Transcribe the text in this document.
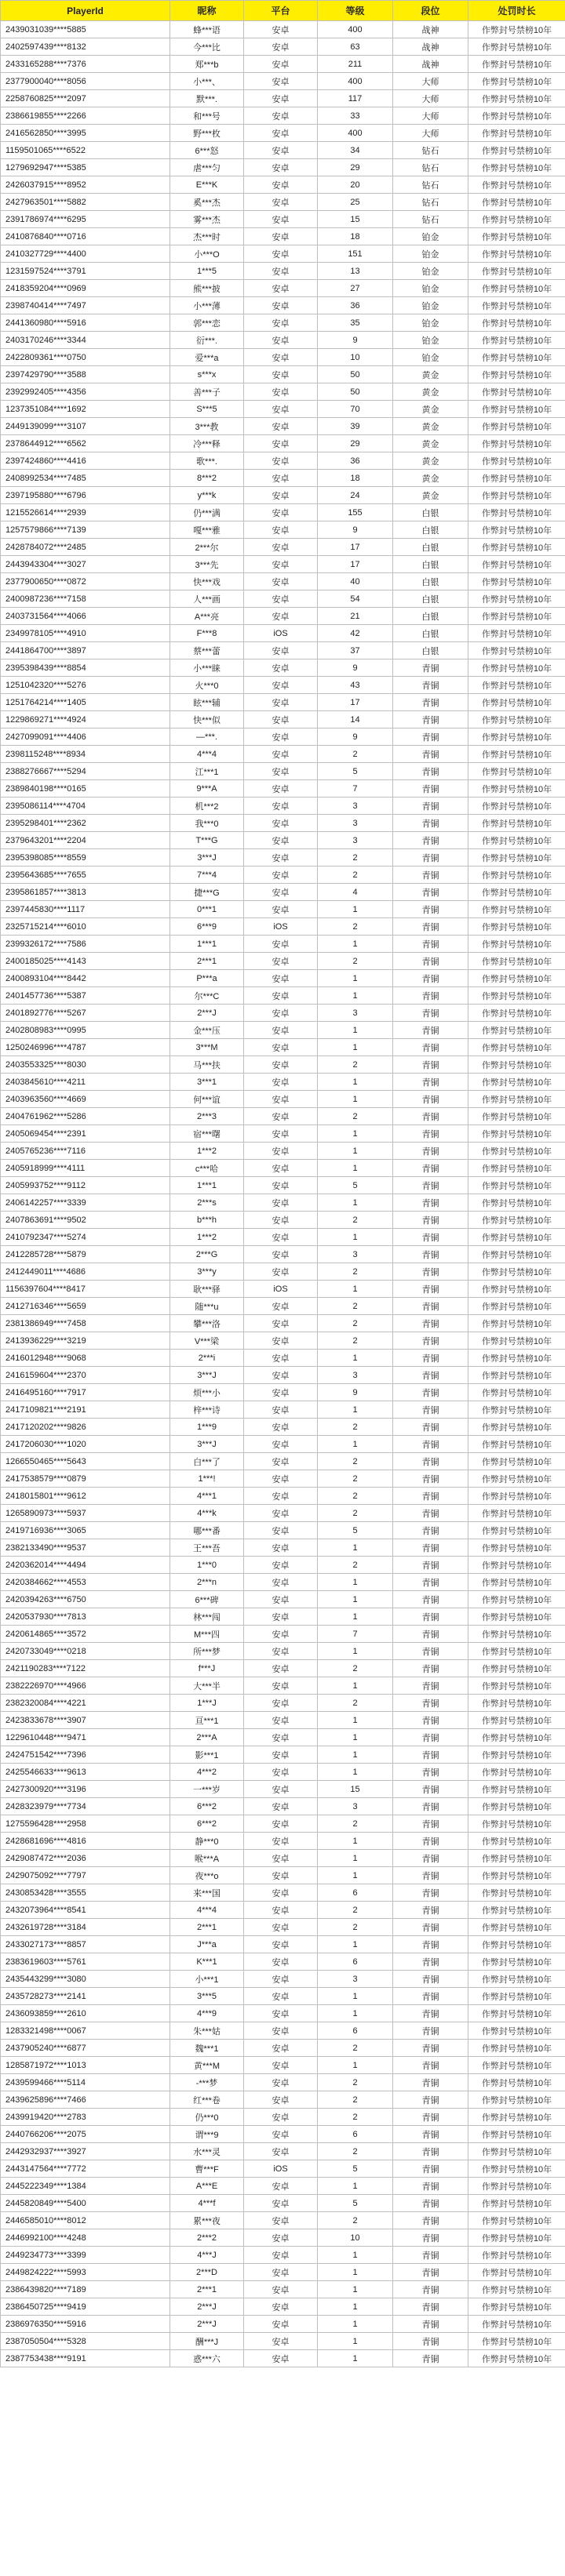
PlayerId	昵称	平台	等级	段位	处罚时长
2439031039****5885	蜂***语	安卓	400	战神	作弊封号禁榜10年
2402597439****8132	今***比	安卓	63	战神	作弊封号禁榜10年
2433165288****7376	郑***b	安卓	211	战神	作弊封号禁榜10年
2377900040****8056	小***、	安卓	400	大师	作弊封号禁榜10年
2258760825****2097	默***.	安卓	117	大师	作弊封号禁榜10年
2386619855****2266	和***号	安卓	33	大师	作弊封号禁榜10年
2416562850****3995	野***枚	安卓	400	大师	作弊封号禁榜10年
1159501065****6522	6***怒	安卓	34	钻石	作弊封号禁榜10年
1279692947****5385	虐***匀	安卓	29	钻石	作弊封号禁榜10年
2426037915****8952	E***K	安卓	20	钻石	作弊封号禁榜10年
2427963501****5882	奚***杰	安卓	25	钻石	作弊封号禁榜10年
2391786974****6295	雾***杰	安卓	15	钻石	作弊封号禁榜10年
2410876840****0716	杰***时	安卓	18	铂金	作弊封号禁榜10年
2410327729****4400	小***O	安卓	151	铂金	作弊封号禁榜10年
1231597524****3791	1***5	安卓	13	铂金	作弊封号禁榜10年
2418359204****0969	熊***披	安卓	27	铂金	作弊封号禁榜10年
2398740414****7497	小***薄	安卓	36	铂金	作弊封号禁榜10年
2441360980****5916	郭***恋	安卓	35	铂金	作弊封号禁榜10年
2403170246****3344	衍***.	安卓	9	铂金	作弊封号禁榜10年
2422809361****0750	爱***a	安卓	10	铂金	作弊封号禁榜10年
2397429790****3588	s***x	安卓	50	黄金	作弊封号禁榜10年
2392992405****4356	善***子	安卓	50	黄金	作弊封号禁榜10年
1237351084****1692	S***5	安卓	70	黄金	作弊封号禁榜10年
2449139099****3107	3***教	安卓	39	黄金	作弊封号禁榜10年
2378644912****6562	冷***释	安卓	29	黄金	作弊封号禁榜10年
2397424860****4416	歌***.	安卓	36	黄金	作弊封号禁榜10年
2408992534****7485	8***2	安卓	18	黄金	作弊封号禁榜10年
2397195880****6796	y***k	安卓	24	黄金	作弊封号禁榜10年
1215526614****2939	仍***满	安卓	155	白银	作弊封号禁榜10年
1257579866****7139	嘎***雅	安卓	9	白银	作弊封号禁榜10年
2428784072****2485	2***尔	安卓	17	白银	作弊封号禁榜10年
2443943304****3027	3***先	安卓	17	白银	作弊封号禁榜10年
2377900650****0872	快***戏	安卓	40	白银	作弊封号禁榜10年
2400987236****7158	人***画	安卓	54	白银	作弊封号禁榜10年
2403731564****4066	A***亮	安卓	21	白银	作弊封号禁榜10年
2349978105****4910	F***8	iOS	42	白银	作弊封号禁榜10年
2441864700****3897	蔡***蕾	安卓	37	白银	作弊封号禁榜10年
2395398439****8854	小***睐	安卓	9	青铜	作弊封号禁榜10年
1251042320****5276	火***0	安卓	43	青铜	作弊封号禁榜10年
1251764214****1405	眩***辅	安卓	17	青铜	作弊封号禁榜10年
1229869271****4924	快***似	安卓	14	青铜	作弊封号禁榜10年
2427099091****4406	—***.	安卓	9	青铜	作弊封号禁榜10年
2398115248****8934	4***4	安卓	2	青铜	作弊封号禁榜10年
2388276667****5294	江***1	安卓	5	青铜	作弊封号禁榜10年
2389840198****0165	9***A	安卓	7	青铜	作弊封号禁榜10年
2395086114****4704	机***2	安卓	3	青铜	作弊封号禁榜10年
2395298401****2362	我***0	安卓	3	青铜	作弊封号禁榜10年
2379643201****2204	T***G	安卓	3	青铜	作弊封号禁榜10年
2395398085****8559	3***J	安卓	2	青铜	作弊封号禁榜10年
2395643685****7655	7***4	安卓	2	青铜	作弊封号禁榜10年
2395861857****3813	捷***G	安卓	4	青铜	作弊封号禁榜10年
2397445830****1117	0***1	安卓	1	青铜	作弊封号禁榜10年
2325715214****6010	6***9	iOS	2	青铜	作弊封号禁榜10年
2399326172****7586	1***1	安卓	1	青铜	作弊封号禁榜10年
2400185025****4143	2***1	安卓	2	青铜	作弊封号禁榜10年
2400893104****8442	P***a	安卓	1	青铜	作弊封号禁榜10年
2401457736****5387	尔***C	安卓	1	青铜	作弊封号禁榜10年
2401892776****5267	2***J	安卓	3	青铜	作弊封号禁榜10年
2402808983****0995	金***压	安卓	1	青铜	作弊封号禁榜10年
1250246996****4787	3***M	安卓	1	青铜	作弊封号禁榜10年
2403553325****8030	马***扶	安卓	2	青铜	作弊封号禁榜10年
2403845610****4211	3***1	安卓	1	青铜	作弊封号禁榜10年
2403963560****4669	何***谊	安卓	1	青铜	作弊封号禁榜10年
2404761962****5286	2***3	安卓	2	青铜	作弊封号禁榜10年
2405069454****2391	宿***曙	安卓	1	青铜	作弊封号禁榜10年
2405765236****7116	1***2	安卓	1	青铜	作弊封号禁榜10年
2405918999****4111	c***哈	安卓	1	青铜	作弊封号禁榜10年
2405993752****9112	1***1	安卓	5	青铜	作弊封号禁榜10年
2406142257****3339	2***s	安卓	1	青铜	作弊封号禁榜10年
2407863691****9502	b***h	安卓	2	青铜	作弊封号禁榜10年
2410792347****5274	1***2	安卓	1	青铜	作弊封号禁榜10年
2412285728****5879	2***G	安卓	3	青铜	作弊封号禁榜10年
2412449011****4686	3***y	安卓	2	青铜	作弊封号禁榜10年
1156397604****8417	耿***驿	iOS	1	青铜	作弊封号禁榜10年
2412716346****5659	随***u	安卓	2	青铜	作弊封号禁榜10年
2381386949****7458	攀***洛	安卓	2	青铜	作弊封号禁榜10年
2413936229****3219	V***梁	安卓	2	青铜	作弊封号禁榜10年
2416012948****9068	2***i	安卓	1	青铜	作弊封号禁榜10年
2416159604****2370	3***J	安卓	3	青铜	作弊封号禁榜10年
2416495160****7917	烦***小	安卓	9	青铜	作弊封号禁榜10年
2417109821****2191	梓***诗	安卓	1	青铜	作弊封号禁榜10年
2417120202****9826	1***9	安卓	2	青铜	作弊封号禁榜10年
2417206030****1020	3***J	安卓	1	青铜	作弊封号禁榜10年
1266550465****5643	白***了	安卓	2	青铜	作弊封号禁榜10年
2417538579****0879	1***!	安卓	2	青铜	作弊封号禁榜10年
2418015801****9612	4***1	安卓	2	青铜	作弊封号禁榜10年
1265890973****5937	4***k	安卓	2	青铜	作弊封号禁榜10年
2419716936****3065	哪***番	安卓	5	青铜	作弊封号禁榜10年
2382133490****9537	王***吾	安卓	1	青铜	作弊封号禁榜10年
2420362014****4494	1***0	安卓	2	青铜	作弊封号禁榜10年
2420384662****4553	2***n	安卓	1	青铜	作弊封号禁榜10年
2420394263****6750	6***碑	安卓	1	青铜	作弊封号禁榜10年
2420537930****7813	林***闯	安卓	1	青铜	作弊封号禁榜10年
2420614865****3572	M***四	安卓	7	青铜	作弊封号禁榜10年
2420733049****0218	所***梦	安卓	1	青铜	作弊封号禁榜10年
2421190283****7122	f***J	安卓	2	青铜	作弊封号禁榜10年
2382226970****4966	大***半	安卓	1	青铜	作弊封号禁榜10年
2382320084****4221	1***J	安卓	2	青铜	作弊封号禁榜10年
2423833678****3907	亘***1	安卓	1	青铜	作弊封号禁榜10年
1229610448****9471	2***A	安卓	1	青铜	作弊封号禁榜10年
2424751542****7396	影***1	安卓	1	青铜	作弊封号禁榜10年
2425546633****9613	4***2	安卓	1	青铜	作弊封号禁榜10年
2427300920****3196	一***岁	安卓	15	青铜	作弊封号禁榜10年
2428323979****7734	6***2	安卓	3	青铜	作弊封号禁榜10年
1275596428****2958	6***2	安卓	2	青铜	作弊封号禁榜10年
2428681696****4816	静***0	安卓	1	青铜	作弊封号禁榜10年
2429087472****2036	喉***A	安卓	1	青铜	作弊封号禁榜10年
2429075092****7797	夜***o	安卓	1	青铜	作弊封号禁榜10年
2430853428****3555	来***国	安卓	6	青铜	作弊封号禁榜10年
2432073964****8541	4***4	安卓	2	青铜	作弊封号禁榜10年
2432619728****3184	2***1	安卓	2	青铜	作弊封号禁榜10年
2433027173****8857	J***a	安卓	1	青铜	作弊封号禁榜10年
2383619603****5761	K***1	安卓	6	青铜	作弊封号禁榜10年
2435443299****3080	小***1	安卓	3	青铜	作弊封号禁榜10年
2435728273****2141	3***5	安卓	1	青铜	作弊封号禁榜10年
2436093859****2610	4***9	安卓	1	青铜	作弊封号禁榜10年
1283321498****0067	朱***姑	安卓	6	青铜	作弊封号禁榜10年
2437905240****6877	魏***1	安卓	2	青铜	作弊封号禁榜10年
1285871972****1013	黄***M	安卓	1	青铜	作弊封号禁榜10年
2439599466****5114	-***梦	安卓	2	青铜	作弊封号禁榜10年
2439625896****7466	红***卷	安卓	2	青铜	作弊封号禁榜10年
2439919420****2783	仍***0	安卓	2	青铜	作弊封号禁榜10年
2440766206****2075	谓***9	安卓	6	青铜	作弊封号禁榜10年
2442932937****3927	水***灵	安卓	2	青铜	作弊封号禁榜10年
2443147564****7772	曹***F	iOS	5	青铜	作弊封号禁榜10年
2445222349****1384	A***E	安卓	1	青铜	作弊封号禁榜10年
2445820849****5400	4***f	安卓	5	青铜	作弊封号禁榜10年
2446585010****8012	累***夜	安卓	2	青铜	作弊封号禁榜10年
2446992100****4248	2***2	安卓	10	青铜	作弊封号禁榜10年
2449234773****3399	4***J	安卓	1	青铜	作弊封号禁榜10年
2449824222****5993	2***D	安卓	1	青铜	作弊封号禁榜10年
2386439820****7189	2***1	安卓	1	青铜	作弊封号禁榜10年
2386450725****9419	2***J	安卓	1	青铜	作弊封号禁榜10年
2386976350****5916	2***J	安卓	1	青铜	作弊封号禁榜10年
2387050504****5328	酬***J	安卓	1	青铜	作弊封号禁榜10年
2387753438****9191	惑***六	安卓	1	青铜	作弊封号禁榜10年
